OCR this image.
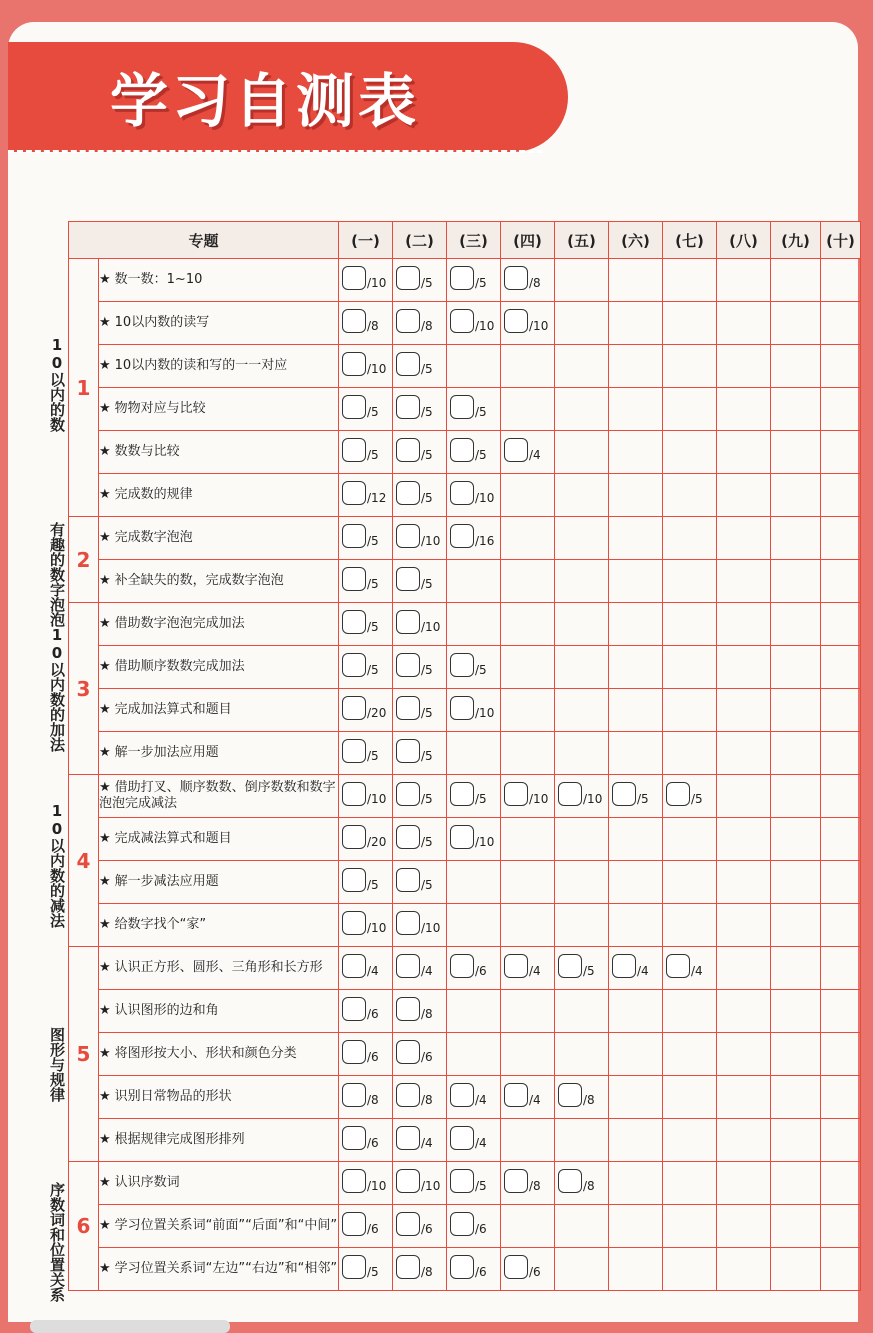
学习自测表
10以内的数
有趣的数字泡泡
10以内数的加法
10以内数的减法
图形与规律
序数词和位置关系
专题		(一)	(二)	(三)	(四)	(五)	(六)	(七)	(八)	(九)	(十)
1	★ 数一数：1~10	/10	/5	/5	/8						

	★ 10以内数的读写	/8	/8	/10	/10						

	★ 10以内数的读和写的一一对应	/10	/5								

	★ 物物对应与比较	/5	/5	/5							

	★ 数数与比较	/5	/5	/5	/4						

	★ 完成数的规律	/12	/5	/10							

2	★ 完成数字泡泡	/5	/10	/16							

	★ 补全缺失的数，完成数字泡泡	/5	/5								

3	★ 借助数字泡泡完成加法	/5	/10								

	★ 借助顺序数数完成加法	/5	/5	/5							

	★ 完成加法算式和题目	/20	/5	/10							

	★ 解一步加法应用题	/5	/5								

4	★ 借助打叉、顺序数数、倒序数数和数字泡泡完成减法	/10	/5	/5	/10	/10	/5	/5			

	★ 完成减法算式和题目	/20	/5	/10							

	★ 解一步减法应用题	/5	/5								

	★ 给数字找个“家”	/10	/10								

5	★ 认识正方形、圆形、三角形和长方形	/4	/4	/6	/4	/5	/4	/4			

	★ 认识图形的边和角	/6	/8								

	★ 将图形按大小、形状和颜色分类	/6	/6								

	★ 识别日常物品的形状	/8	/8	/4	/4	/8					

	★ 根据规律完成图形排列	/6	/4	/4							

6	★ 认识序数词	/10	/10	/5	/8	/8					

	★ 学习位置关系词“前面”“后面”和“中间”	/6	/6	/6							

	★ 学习位置关系词“左边”“右边”和“相邻”	/5	/8	/6	/6						
